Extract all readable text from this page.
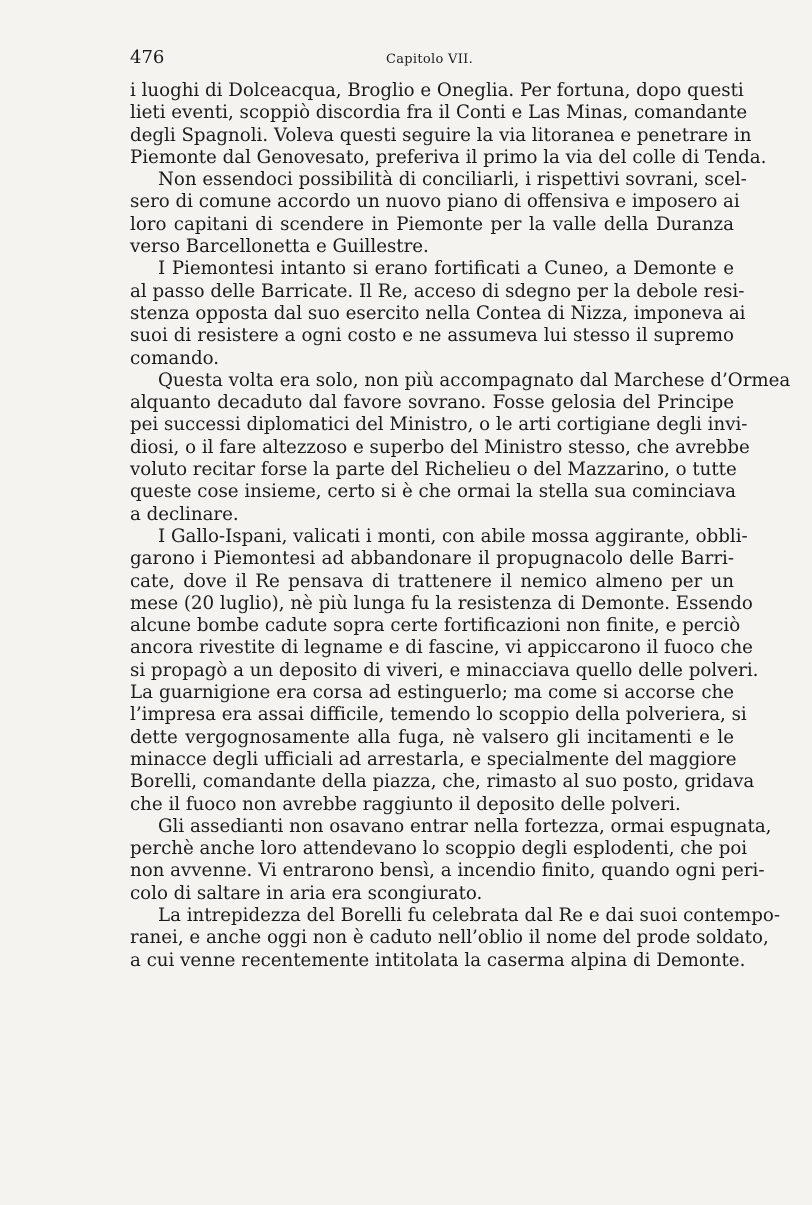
476	Capitolo VII.
i luoghi di Dolceacqua, Broglio e Oneglia. Per fortuna, dopo questi
lieti eventi, scoppiò discordia fra il Conti e Las Minas, comandante
degli Spagnoli. Voleva questi seguire la via litoranea e penetrare in
Piemonte dal Genovesato, preferiva il primo la via del colle di Tenda.
Non essendoci possibilità di conciliarli, i rispettivi sovrani, scel-
sero di comune accordo un nuovo piano di offensiva e imposero ai
loro capitani di scendere in Piemonte per la valle della Duranza
verso Barcellonetta e Guillestre.
I Piemontesi intanto si erano fortificati a Cuneo, a Demonte e
al passo delle Barricate. Il Re, acceso di sdegno per la debole resi-
stenza opposta dal suo esercito nella Contea di Nizza, imponeva ai
suoi di resistere a ogni costo e ne assumeva lui stesso il supremo
comando.
Questa volta era solo, non più accompagnato dal Marchese d’Ormea
alquanto decaduto dal favore sovrano. Fosse gelosia del Principe
pei successi diplomatici del Ministro, o le arti cortigiane degli invi-
diosi, o il fare altezzoso e superbo del Ministro stesso, che avrebbe
voluto recitar forse la parte del Richelieu o del Mazzarino, o tutte
queste cose insieme, certo si è che ormai la stella sua cominciava
a declinare.
I Gallo-Ispani, valicati i monti, con abile mossa aggirante, obbli-
garono i Piemontesi ad abbandonare il propugnacolo delle Barri-
cate, dove il Re pensava di trattenere il nemico almeno per un
mese (20 luglio), nè più lunga fu la resistenza di Demonte. Essendo
alcune bombe cadute sopra certe fortificazioni non finite, e perciò
ancora rivestite di legname e di fascine, vi appiccarono il fuoco che
si propagò a un deposito di viveri, e minacciava quello delle polveri.
La guarnigione era corsa ad estinguerlo; ma come si accorse che
l’impresa era assai difficile, temendo lo scoppio della polveriera, si
dette vergognosamente alla fuga, nè valsero gli incitamenti e le
minacce degli ufficiali ad arrestarla, e specialmente del maggiore
Borelli, comandante della piazza, che, rimasto al suo posto, gridava
che il fuoco non avrebbe raggiunto il deposito delle polveri.
Gli assedianti non osavano entrar nella fortezza, ormai espugnata,
perchè anche loro attendevano lo scoppio degli esplodenti, che poi
non avvenne. Vi entrarono bensì, a incendio finito, quando ogni peri-
colo di saltare in aria era scongiurato.
La intrepidezza del Borelli fu celebrata dal Re e dai suoi contempo-
ranei, e anche oggi non è caduto nell’oblio il nome del prode soldato,
a cui venne recentemente intitolata la caserma alpina di Demonte.
